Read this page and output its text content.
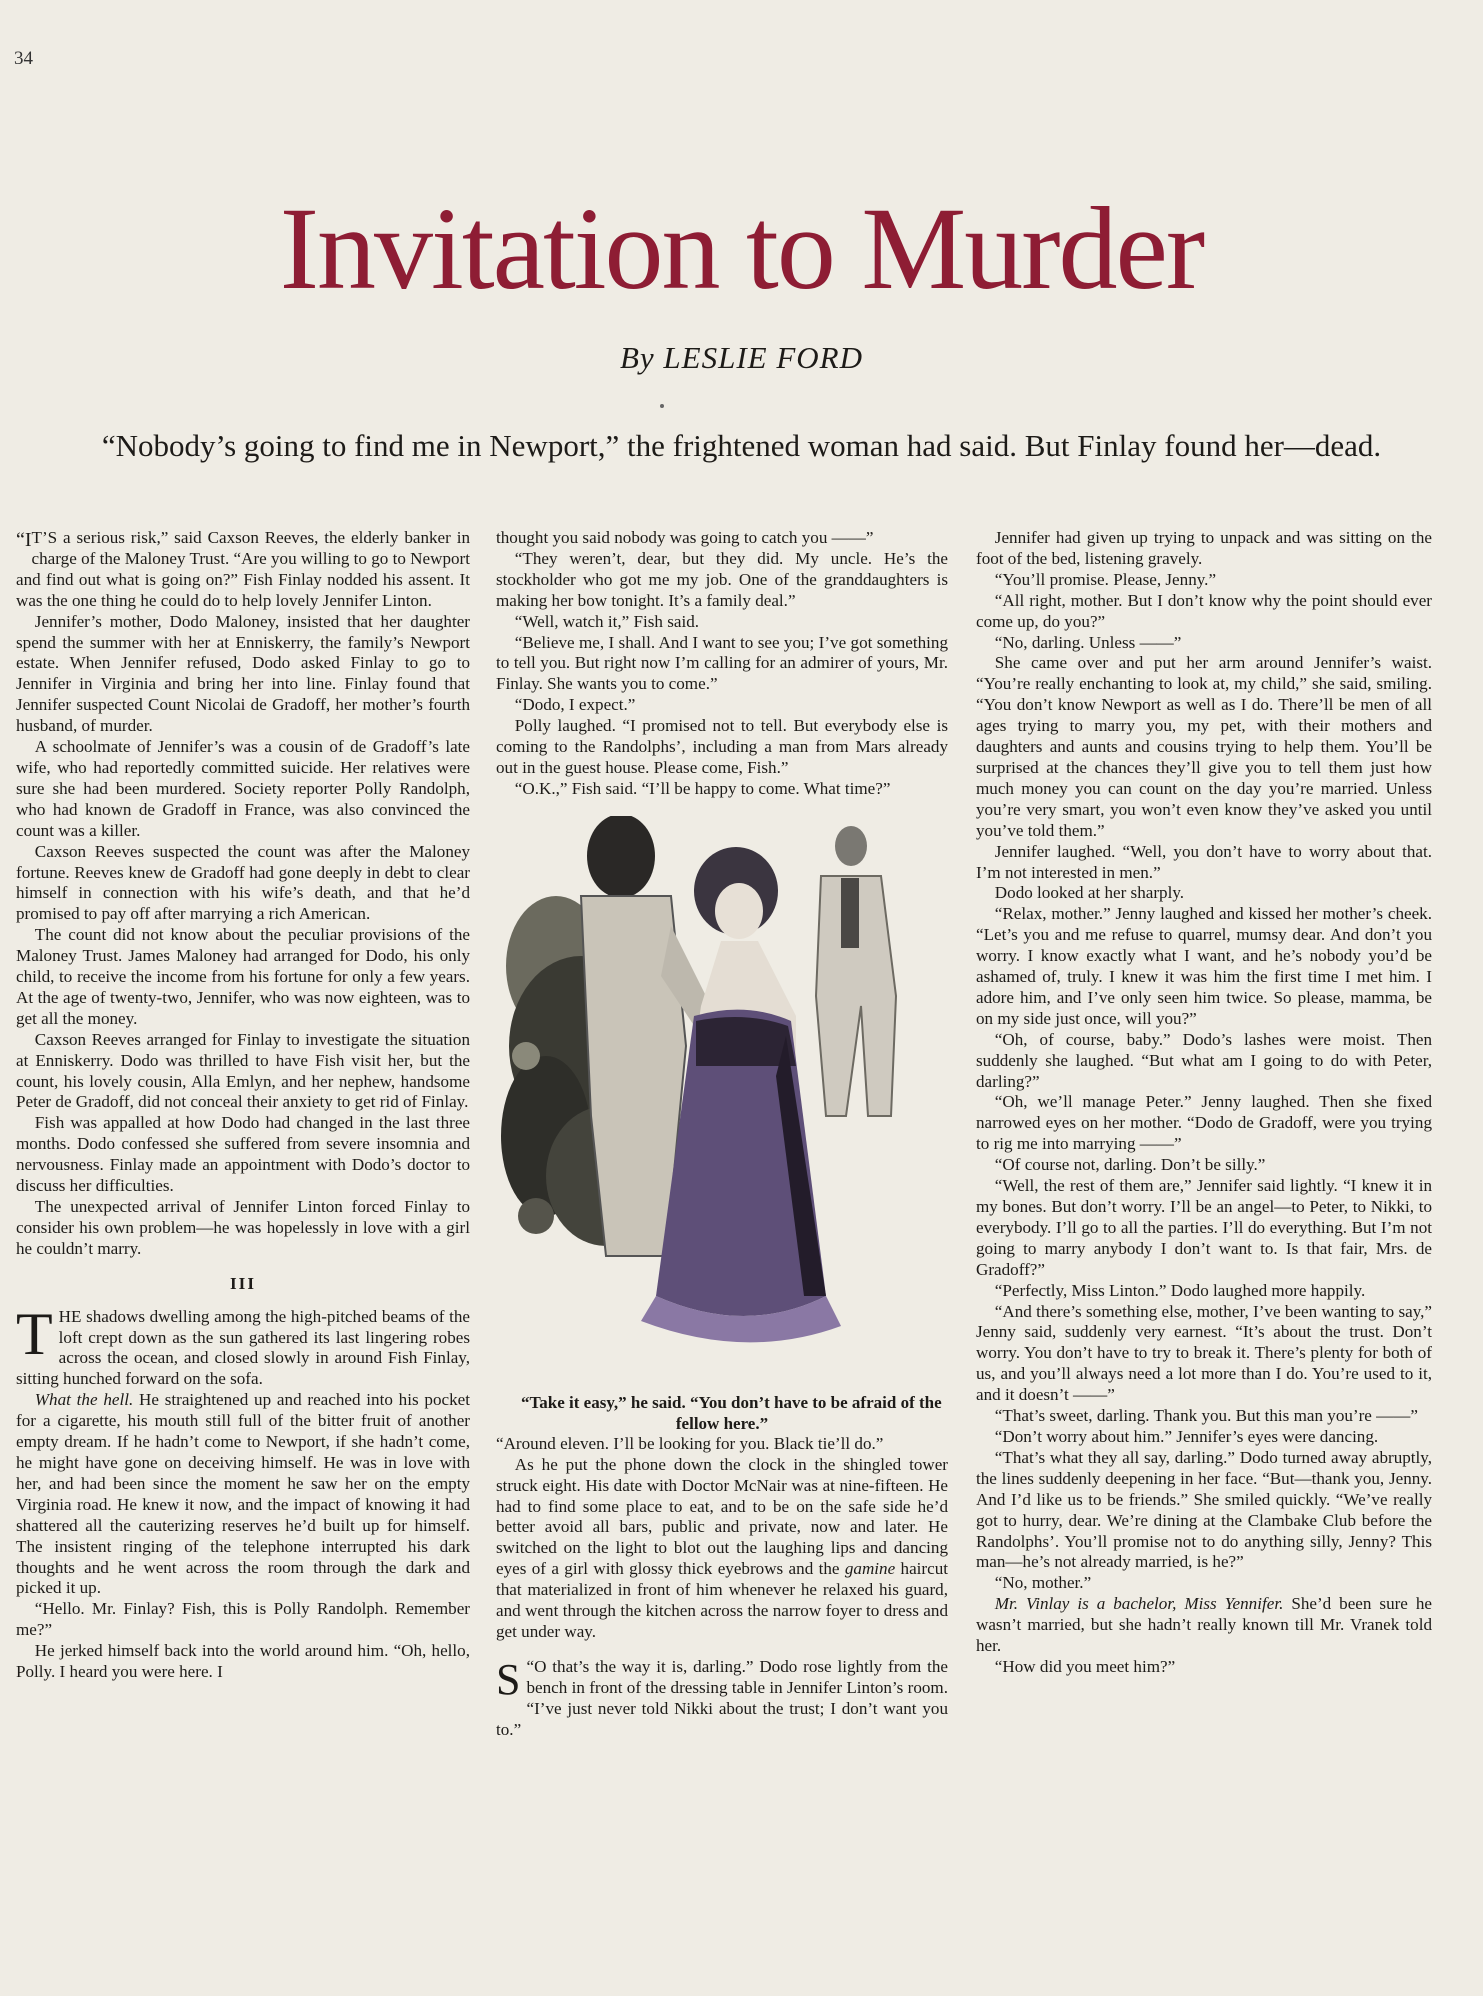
34
Invitation to Murder
By LESLIE FORD
“Nobody’s going to find me in Newport,” the frightened woman had said. But Finlay found her—dead.

“I T’S a serious risk,” said Caxson Reeves, the elderly banker in charge of the Maloney Trust. “Are you willing to go to Newport and find out what is going on?” Fish Finlay nodded his assent. It was the one thing he could do to help lovely Jennifer Linton.

Jennifer’s mother, Dodo Maloney, insisted that her daughter spend the summer with her at Enniskerry, the family’s Newport estate. When Jennifer refused, Dodo asked Finlay to go to Jennifer in Virginia and bring her into line. Finlay found that Jennifer suspected Count Nicolai de Gradoff, her mother’s fourth husband, of murder.

A schoolmate of Jennifer’s was a cousin of de Gradoff’s late wife, who had reportedly committed suicide. Her relatives were sure she had been murdered. Society reporter Polly Randolph, who had known de Gradoff in France, was also convinced the count was a killer.

Caxson Reeves suspected the count was after the Maloney fortune. Reeves knew de Gradoff had gone deeply in debt to clear himself in connection with his wife’s death, and that he’d promised to pay off after marrying a rich American.

The count did not know about the peculiar provisions of the Maloney Trust. James Maloney had arranged for Dodo, his only child, to receive the income from his fortune for only a few years. At the age of twenty-two, Jennifer, who was now eighteen, was to get all the money.

Caxson Reeves arranged for Finlay to investigate the situation at Enniskerry. Dodo was thrilled to have Fish visit her, but the count, his lovely cousin, Alla Emlyn, and her nephew, handsome Peter de Gradoff, did not conceal their anxiety to get rid of Finlay.

Fish was appalled at how Dodo had changed in the last three months. Dodo confessed she suffered from severe insomnia and nervousness. Finlay made an appointment with Dodo’s doctor to discuss her difficulties.

The unexpected arrival of Jennifer Linton forced Finlay to consider his own problem—he was hopelessly in love with a girl he couldn’t marry.

III

THE shadows dwelling among the high-pitched beams of the loft crept down as the sun gathered its last lingering robes across the ocean, and closed slowly in around Fish Finlay, sitting hunched forward on the sofa.

What the hell. He straightened up and reached into his pocket for a cigarette, his mouth still full of the bitter fruit of another empty dream. If he hadn’t come to Newport, if she hadn’t come, he might have gone on deceiving himself. He was in love with her, and had been since the moment he saw her on the empty Virginia road. He knew it now, and the impact of knowing it had shattered all the cauterizing reserves he’d built up for himself. The insistent ringing of the telephone interrupted his dark thoughts and he went across the room through the dark and picked it up.

“Hello. Mr. Finlay? Fish, this is Polly Randolph. Remember me?”

He jerked himself back into the world around him. “Oh, hello, Polly. I heard you were here. I

thought you said nobody was going to catch you ——”

“They weren’t, dear, but they did. My uncle. He’s the stockholder who got me my job. One of the granddaughters is making her bow tonight. It’s a family deal.”

“Well, watch it,” Fish said.

“Believe me, I shall. And I want to see you; I’ve got something to tell you. But right now I’m calling for an admirer of yours, Mr. Finlay. She wants you to come.”

“Dodo, I expect.”

Polly laughed. “I promised not to tell. But everybody else is coming to the Randolphs’, including a man from Mars already out in the guest house. Please come, Fish.”

“O.K.,” Fish said. “I’ll be happy to come. What time?”

“Take it easy,” he said. “You don’t have to be afraid of the fellow here.”

“Around eleven. I’ll be looking for you. Black tie’ll do.”

As he put the phone down the clock in the shingled tower struck eight. His date with Doctor McNair was at nine-fifteen. He had to find some place to eat, and to be on the safe side he’d better avoid all bars, public and private, now and later. He switched on the light to blot out the laughing lips and dancing eyes of a girl with glossy thick eyebrows and the gamine haircut that materialized in front of him whenever he relaxed his guard, and went through the kitchen across the narrow foyer to dress and get under way.

“
S O that’s the way it is, darling.” Dodo rose lightly from the bench in front of the dressing table in Jennifer Linton’s room. “I’ve just never told Nikki about the trust; I don’t want you to.”

Jennifer had given up trying to unpack and was sitting on the foot of the bed, listening gravely.

“You’ll promise. Please, Jenny.”

“All right, mother. But I don’t know why the point should ever come up, do you?”

“No, darling. Unless ——”

She came over and put her arm around Jennifer’s waist. “You’re really enchanting to look at, my child,” she said, smiling. “You don’t know Newport as well as I do. There’ll be men of all ages trying to marry you, my pet, with their mothers and daughters and aunts and cousins trying to help them. You’ll be surprised at the chances they’ll give you to tell them just how much money you can count on the day you’re married. Unless you’re very smart, you won’t even know they’ve asked you until you’ve told them.”

Jennifer laughed. “Well, you don’t have to worry about that. I’m not interested in men.”

Dodo looked at her sharply.

“Relax, mother.” Jenny laughed and kissed her mother’s cheek. “Let’s you and me refuse to quarrel, mumsy dear. And don’t you worry. I know exactly what I want, and he’s nobody you’d be ashamed of, truly. I knew it was him the first time I met him. I adore him, and I’ve only seen him twice. So please, mamma, be on my side just once, will you?”

“Oh, of course, baby.” Dodo’s lashes were moist. Then suddenly she laughed. “But what am I going to do with Peter, darling?”

“Oh, we’ll manage Peter.” Jenny laughed. Then she fixed narrowed eyes on her mother. “Dodo de Gradoff, were you trying to rig me into marrying ——”

“Of course not, darling. Don’t be silly.”

“Well, the rest of them are,” Jennifer said lightly. “I knew it in my bones. But don’t worry. I’ll be an angel—to Peter, to Nikki, to everybody. I’ll go to all the parties. I’ll do everything. But I’m not going to marry anybody I don’t want to. Is that fair, Mrs. de Gradoff?”

“Perfectly, Miss Linton.” Dodo laughed more happily.

“And there’s something else, mother, I’ve been wanting to say,” Jenny said, suddenly very earnest. “It’s about the trust. Don’t worry. You don’t have to try to break it. There’s plenty for both of us, and you’ll always need a lot more than I do. You’re used to it, and it doesn’t ——”

“That’s sweet, darling. Thank you. But this man you’re ——”

“Don’t worry about him.” Jennifer’s eyes were dancing.

“That’s what they all say, darling.” Dodo turned away abruptly, the lines suddenly deepening in her face. “But—thank you, Jenny. And I’d like us to be friends.” She smiled quickly. “We’ve really got to hurry, dear. We’re dining at the Clambake Club before the Randolphs’. You’ll promise not to do anything silly, Jenny? This man—he’s not already married, is he?”

“No, mother.”

Mr. Vinlay is a bachelor, Miss Yennifer. She’d been sure he wasn’t married, but she hadn’t really known till Mr. Vranek told her.

“How did you meet him?”
